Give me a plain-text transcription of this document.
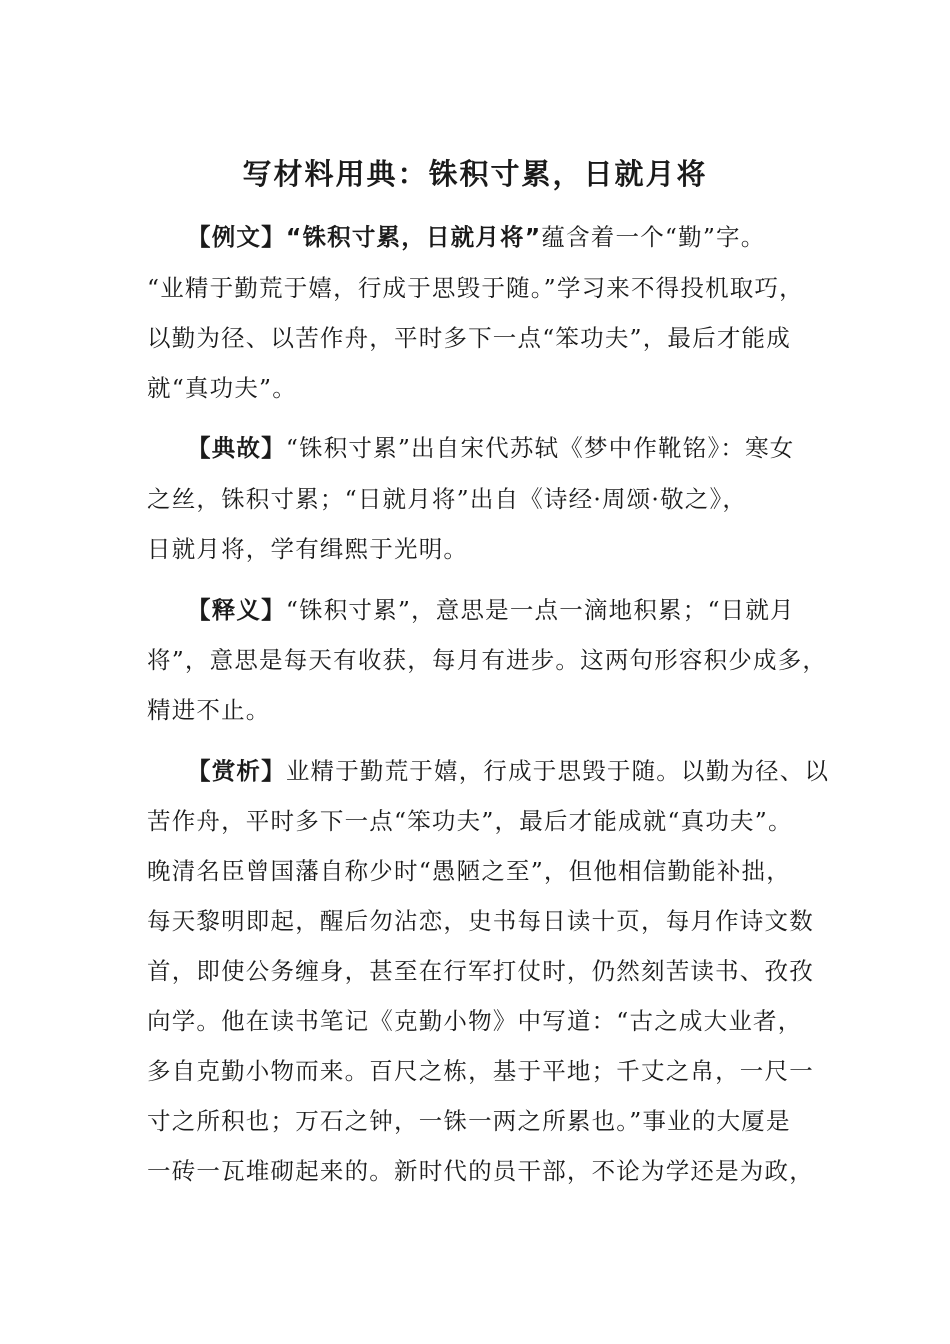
写材料用典：铢积寸累，日就月将
【例文】“铢积寸累，日就月将”蕴含着一个“勤”字。
“业精于勤荒于嬉，行成于思毁于随。”学习来不得投机取巧，
以勤为径、以苦作舟，平时多下一点“笨功夫”，最后才能成
就“真功夫”。
【典故】“铢积寸累”出自宋代苏轼《梦中作靴铭》：寒女
之丝，铢积寸累；“日就月将”出自《诗经·周颂·敬之》，
日就月将，学有缉熙于光明。
【释义】“铢积寸累”，意思是一点一滴地积累；“日就月
将”，意思是每天有收获，每月有进步。这两句形容积少成多，
精进不止。
【赏析】业精于勤荒于嬉，行成于思毁于随。以勤为径、以
苦作舟，平时多下一点“笨功夫”，最后才能成就“真功夫”。
晚清名臣曾国藩自称少时“愚陋之至”，但他相信勤能补拙，
每天黎明即起，醒后勿沾恋，史书每日读十页，每月作诗文数
首，即使公务缠身，甚至在行军打仗时，仍然刻苦读书、孜孜
向学。他在读书笔记《克勤小物》中写道：“古之成大业者，
多自克勤小物而来。百尺之栋，基于平地；千丈之帛，一尺一
寸之所积也；万石之钟，一铢一两之所累也。”事业的大厦是
一砖一瓦堆砌起来的。新时代的员干部，不论为学还是为政，
